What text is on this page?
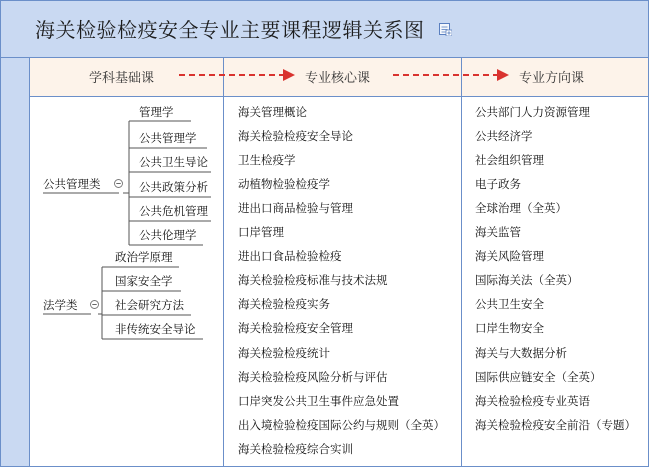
海关检验检疫安全专业主要课程逻辑关系图
学科基础课	专业核心课	专业方向课
公共管理类
管理学
公共管理学
公共卫生导论
公共政策分析
公共危机管理
公共伦理学
法学类
政治学原理
国家安全学
社会研究方法
非传统安全导论
海关管理概论
海关检验检疫安全导论
卫生检疫学
动植物检验检疫学
进出口商品检验与管理
口岸管理
进出口食品检验检疫
海关检验检疫标准与技术法规
海关检验检疫实务
海关检验检疫安全管理
海关检验检疫统计
海关检验检疫风险分析与评估
口岸突发公共卫生事件应急处置
出入境检验检疫国际公约与规则（全英）
海关检验检疫综合实训
公共部门人力资源管理
公共经济学
社会组织管理
电子政务
全球治理（全英）
海关监管
海关风险管理
国际海关法（全英）
公共卫生安全
口岸生物安全
海关与大数据分析
国际供应链安全（全英）
海关检验检疫专业英语
海关检验检疫安全前沿（专题）
